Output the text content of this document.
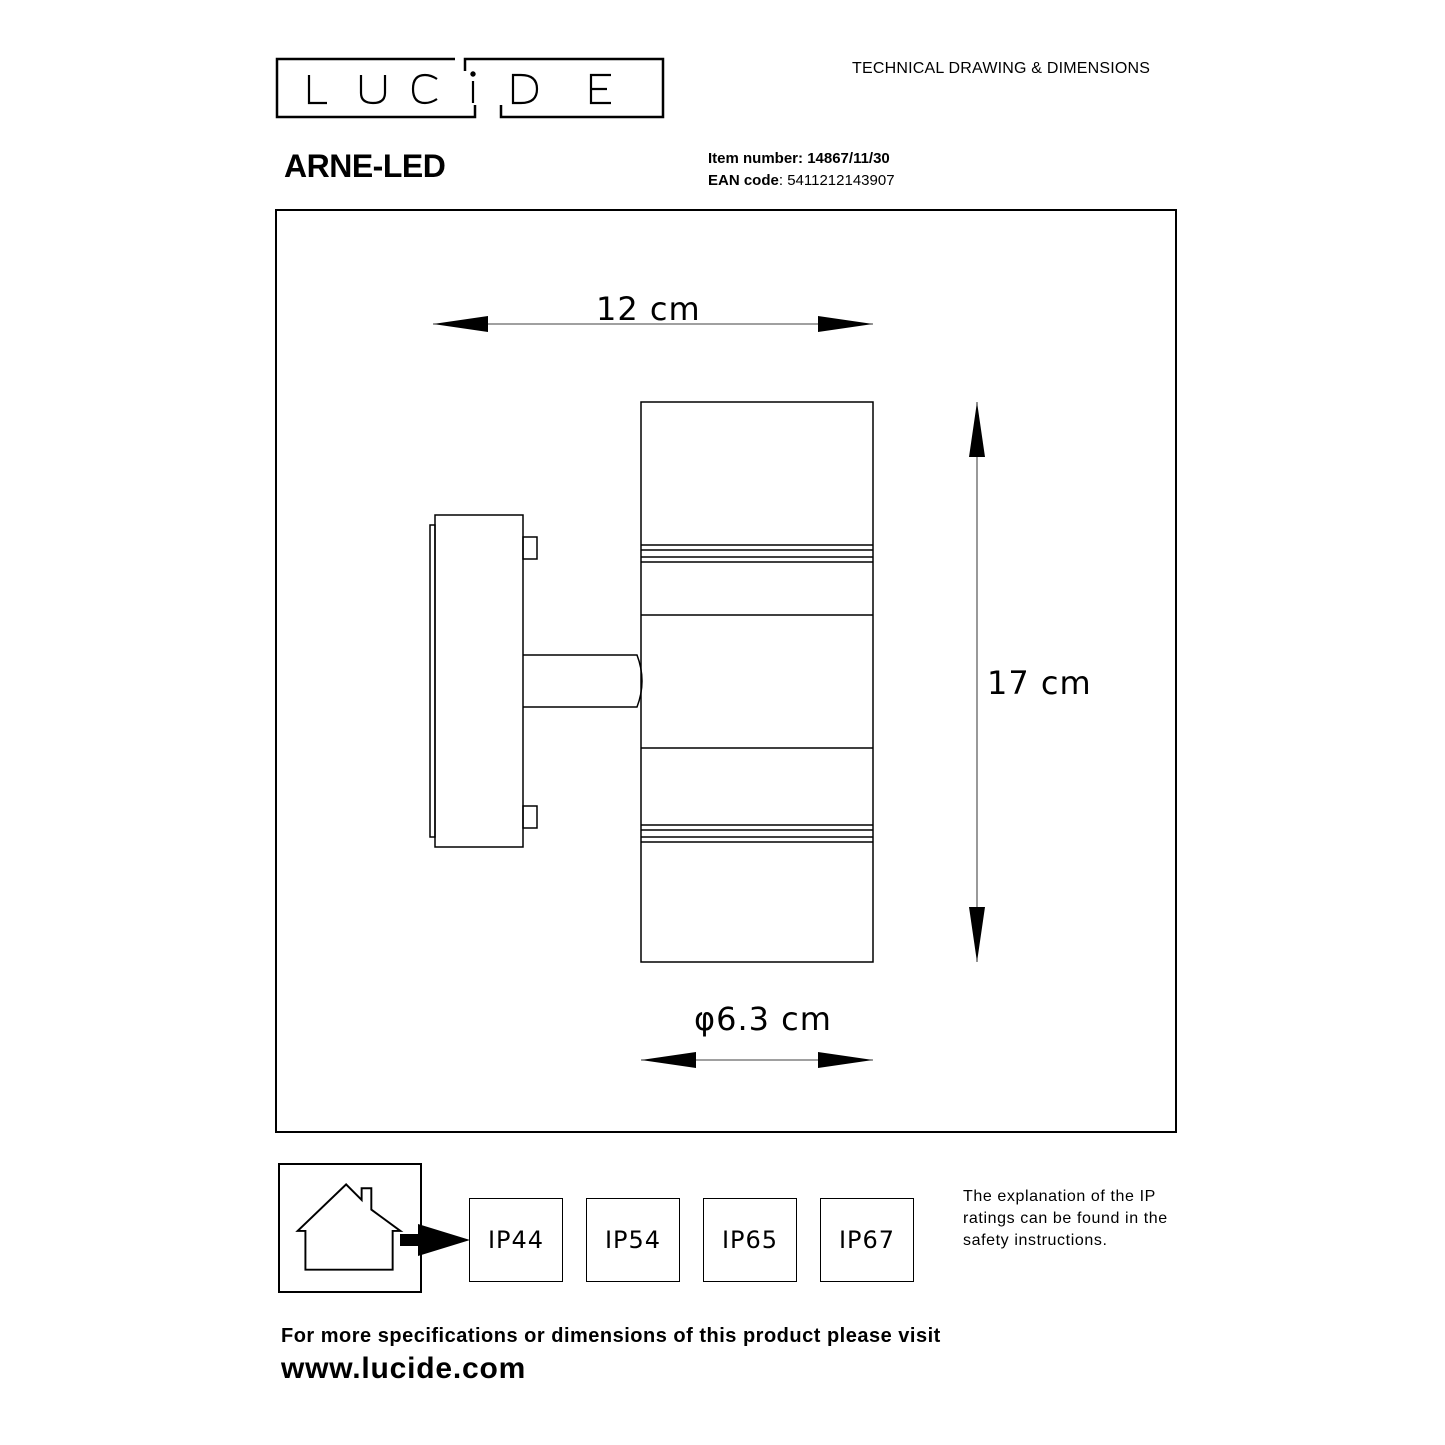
TECHNICAL DRAWING & DIMENSIONS
ARNE-LED	Item number: 14867/11/30
EAN code: 5411212143907
12 cm
17 cm
φ6.3 cm
IP44	IP54	IP65	IP67
The explanation of the IP ratings can be found in the safety instructions.
For more specifications or dimensions of this product please visit
www.lucide.com
